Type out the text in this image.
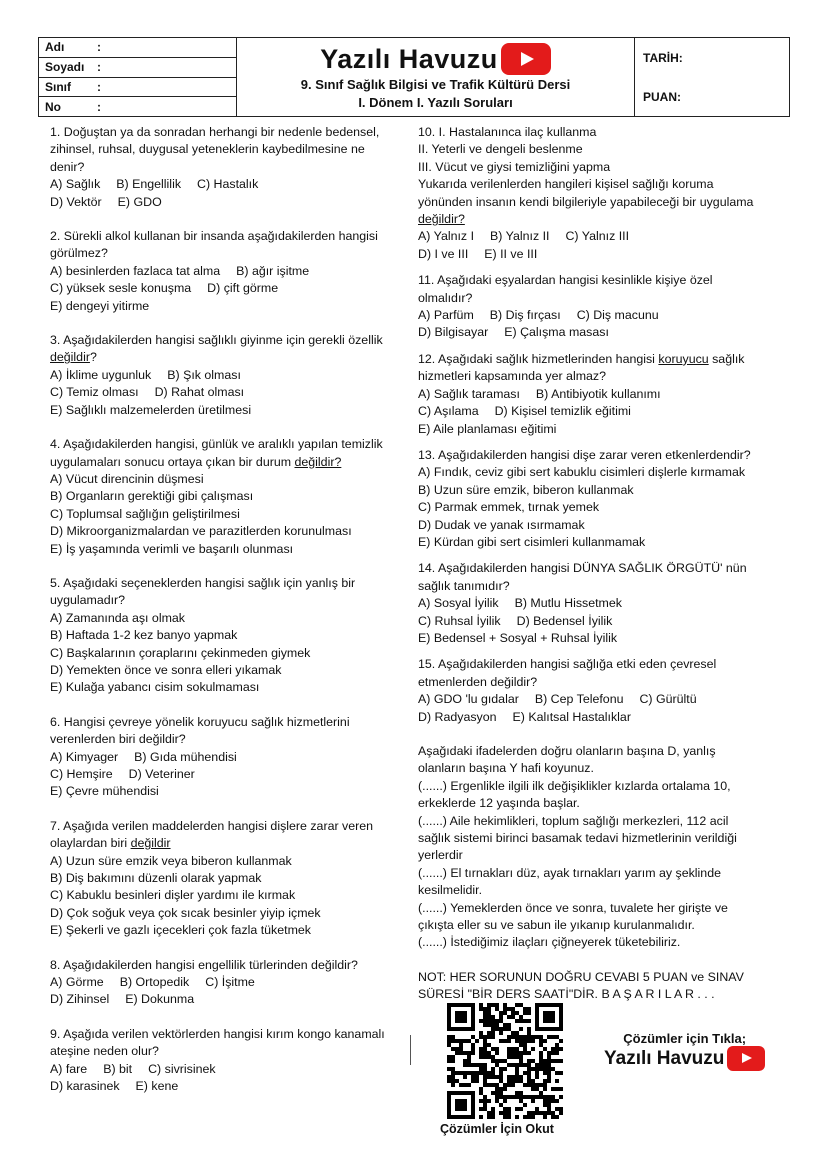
Adı	:
Soyadı	:
Sınıf	:
No	:
Yazılı Havuzu
9. Sınıf Sağlık Bilgisi ve Trafik Kültürü Dersi
I. Dönem I. Yazılı Soruları
TARİH:
PUAN:
1. Doğuştan ya da sonradan herhangi bir nedenle bedensel,
zihinsel, ruhsal, duygusal yeteneklerin kaybedilmesine ne
denir?
A) Sağlık B) Engellilik C) Hastalık
D) Vektör E) GDO
2. Sürekli alkol kullanan bir insanda aşağıdakilerden hangisi
görülmez?
A) besinlerden fazlaca tat alma B) ağır işitme
C) yüksek sesle konuşma D) çift görme
E) dengeyi yitirme
3. Aşağıdakilerden hangisi sağlıklı giyinme için gerekli özellik
değildir?
A) İklime uygunluk B) Şık olması
C) Temiz olması D) Rahat olması
E) Sağlıklı malzemelerden üretilmesi
4. Aşağıdakilerden hangisi, günlük ve aralıklı yapılan temizlik
uygulamaları sonucu ortaya çıkan bir durum değildir?
A) Vücut direncinin düşmesi
B) Organların gerektiği gibi çalışması
C) Toplumsal sağlığın geliştirilmesi
D) Mikroorganizmalardan ve parazitlerden korunulması
E) İş yaşamında verimli ve başarılı olunması
5. Aşağıdaki seçeneklerden hangisi sağlık için yanlış bir
uygulamadır?
A) Zamanında aşı olmak
B) Haftada 1-2 kez banyo yapmak
C) Başkalarının çoraplarını çekinmeden giymek
D) Yemekten önce ve sonra elleri yıkamak
E) Kulağa yabancı cisim sokulmaması
6. Hangisi çevreye yönelik koruyucu sağlık hizmetlerini
verenlerden biri değildir?
A) Kimyager B) Gıda mühendisi
C) Hemşire D) Veteriner
E) Çevre mühendisi
7. Aşağıda verilen maddelerden hangisi dişlere zarar veren
olaylardan biri değildir
A) Uzun süre emzik veya biberon kullanmak
B) Diş bakımını düzenli olarak yapmak
C) Kabuklu besinleri dişler yardımı ile kırmak
D) Çok soğuk veya çok sıcak besinler yiyip içmek
E) Şekerli ve gazlı içecekleri çok fazla tüketmek
8. Aşağıdakilerden hangisi engellilik türlerinden değildir?
A) Görme B) Ortopedik C) İşitme
D) Zihinsel E) Dokunma
9. Aşağıda verilen vektörlerden hangisi kırım kongo kanamalı
ateşine neden olur?
A) fare B) bit C) sivrisinek
D) karasinek E) kene
10. I. Hastalanınca ilaç kullanma
II. Yeterli ve dengeli beslenme
III. Vücut ve giysi temizliğini yapma
Yukarıda verilenlerden hangileri kişisel sağlığı koruma
yönünden insanın kendi bilgileriyle yapabileceği bir uygulama
değildir?
A) Yalnız I B) Yalnız II C) Yalnız III
D) I ve III E) II ve III
11. Aşağıdaki eşyalardan hangisi kesinlikle kişiye özel
olmalıdır?
A) Parfüm B) Diş fırçası C) Diş macunu
D) Bilgisayar E) Çalışma masası
12. Aşağıdaki sağlık hizmetlerinden hangisi koruyucu sağlık
hizmetleri kapsamında yer almaz?
A) Sağlık taraması B) Antibiyotik kullanımı
C) Aşılama D) Kişisel temizlik eğitimi
E) Aile planlaması eğitimi
13. Aşağıdakilerden hangisi dişe zarar veren etkenlerdendir?
A) Fındık, ceviz gibi sert kabuklu cisimleri dişlerle kırmamak
B) Uzun süre emzik, biberon kullanmak
C) Parmak emmek, tırnak yemek
D) Dudak ve yanak ısırmamak
E) Kürdan gibi sert cisimleri kullanmamak
14. Aşağıdakilerden hangisi DÜNYA SAĞLIK ÖRGÜTÜ' nün
sağlık tanımıdır?
A) Sosyal İyilik B) Mutlu Hissetmek
C) Ruhsal İyilik D) Bedensel İyilik
E) Bedensel + Sosyal + Ruhsal İyilik
15. Aşağıdakilerden hangisi sağlığa etki eden çevresel
etmenlerden değildir?
A) GDO 'lu gıdalar B) Cep Telefonu C) Gürültü
D) Radyasyon E) Kalıtsal Hastalıklar
Aşağıdaki ifadelerden doğru olanların başına D, yanlış
olanların başına Y hafi koyunuz.
(......) Ergenlikle ilgili ilk değişiklikler kızlarda ortalama 10,
erkeklerde 12 yaşında başlar.
(......) Aile hekimlikleri, toplum sağlığı merkezleri, 112 acil
sağlık sistemi birinci basamak tedavi hizmetlerinin verildiği
yerlerdir
(......) El tırnakları düz, ayak tırnakları yarım ay şeklinde
kesilmelidir.
(......) Yemeklerden önce ve sonra, tuvalete her girişte ve
çıkışta eller su ve sabun ile yıkanıp kurulanmalıdır.
(......) İstediğimiz ilaçları çiğneyerek tüketebiliriz.
NOT: HER SORUNUN DOĞRU CEVABI 5 PUAN ve SINAV
SÜRESİ "BİR DERS SAATİ"DİR. B A Ş A R I L A R . . .
Çözümler İçin Okut
Çözümler için Tıkla;
Yazılı Havuzu
